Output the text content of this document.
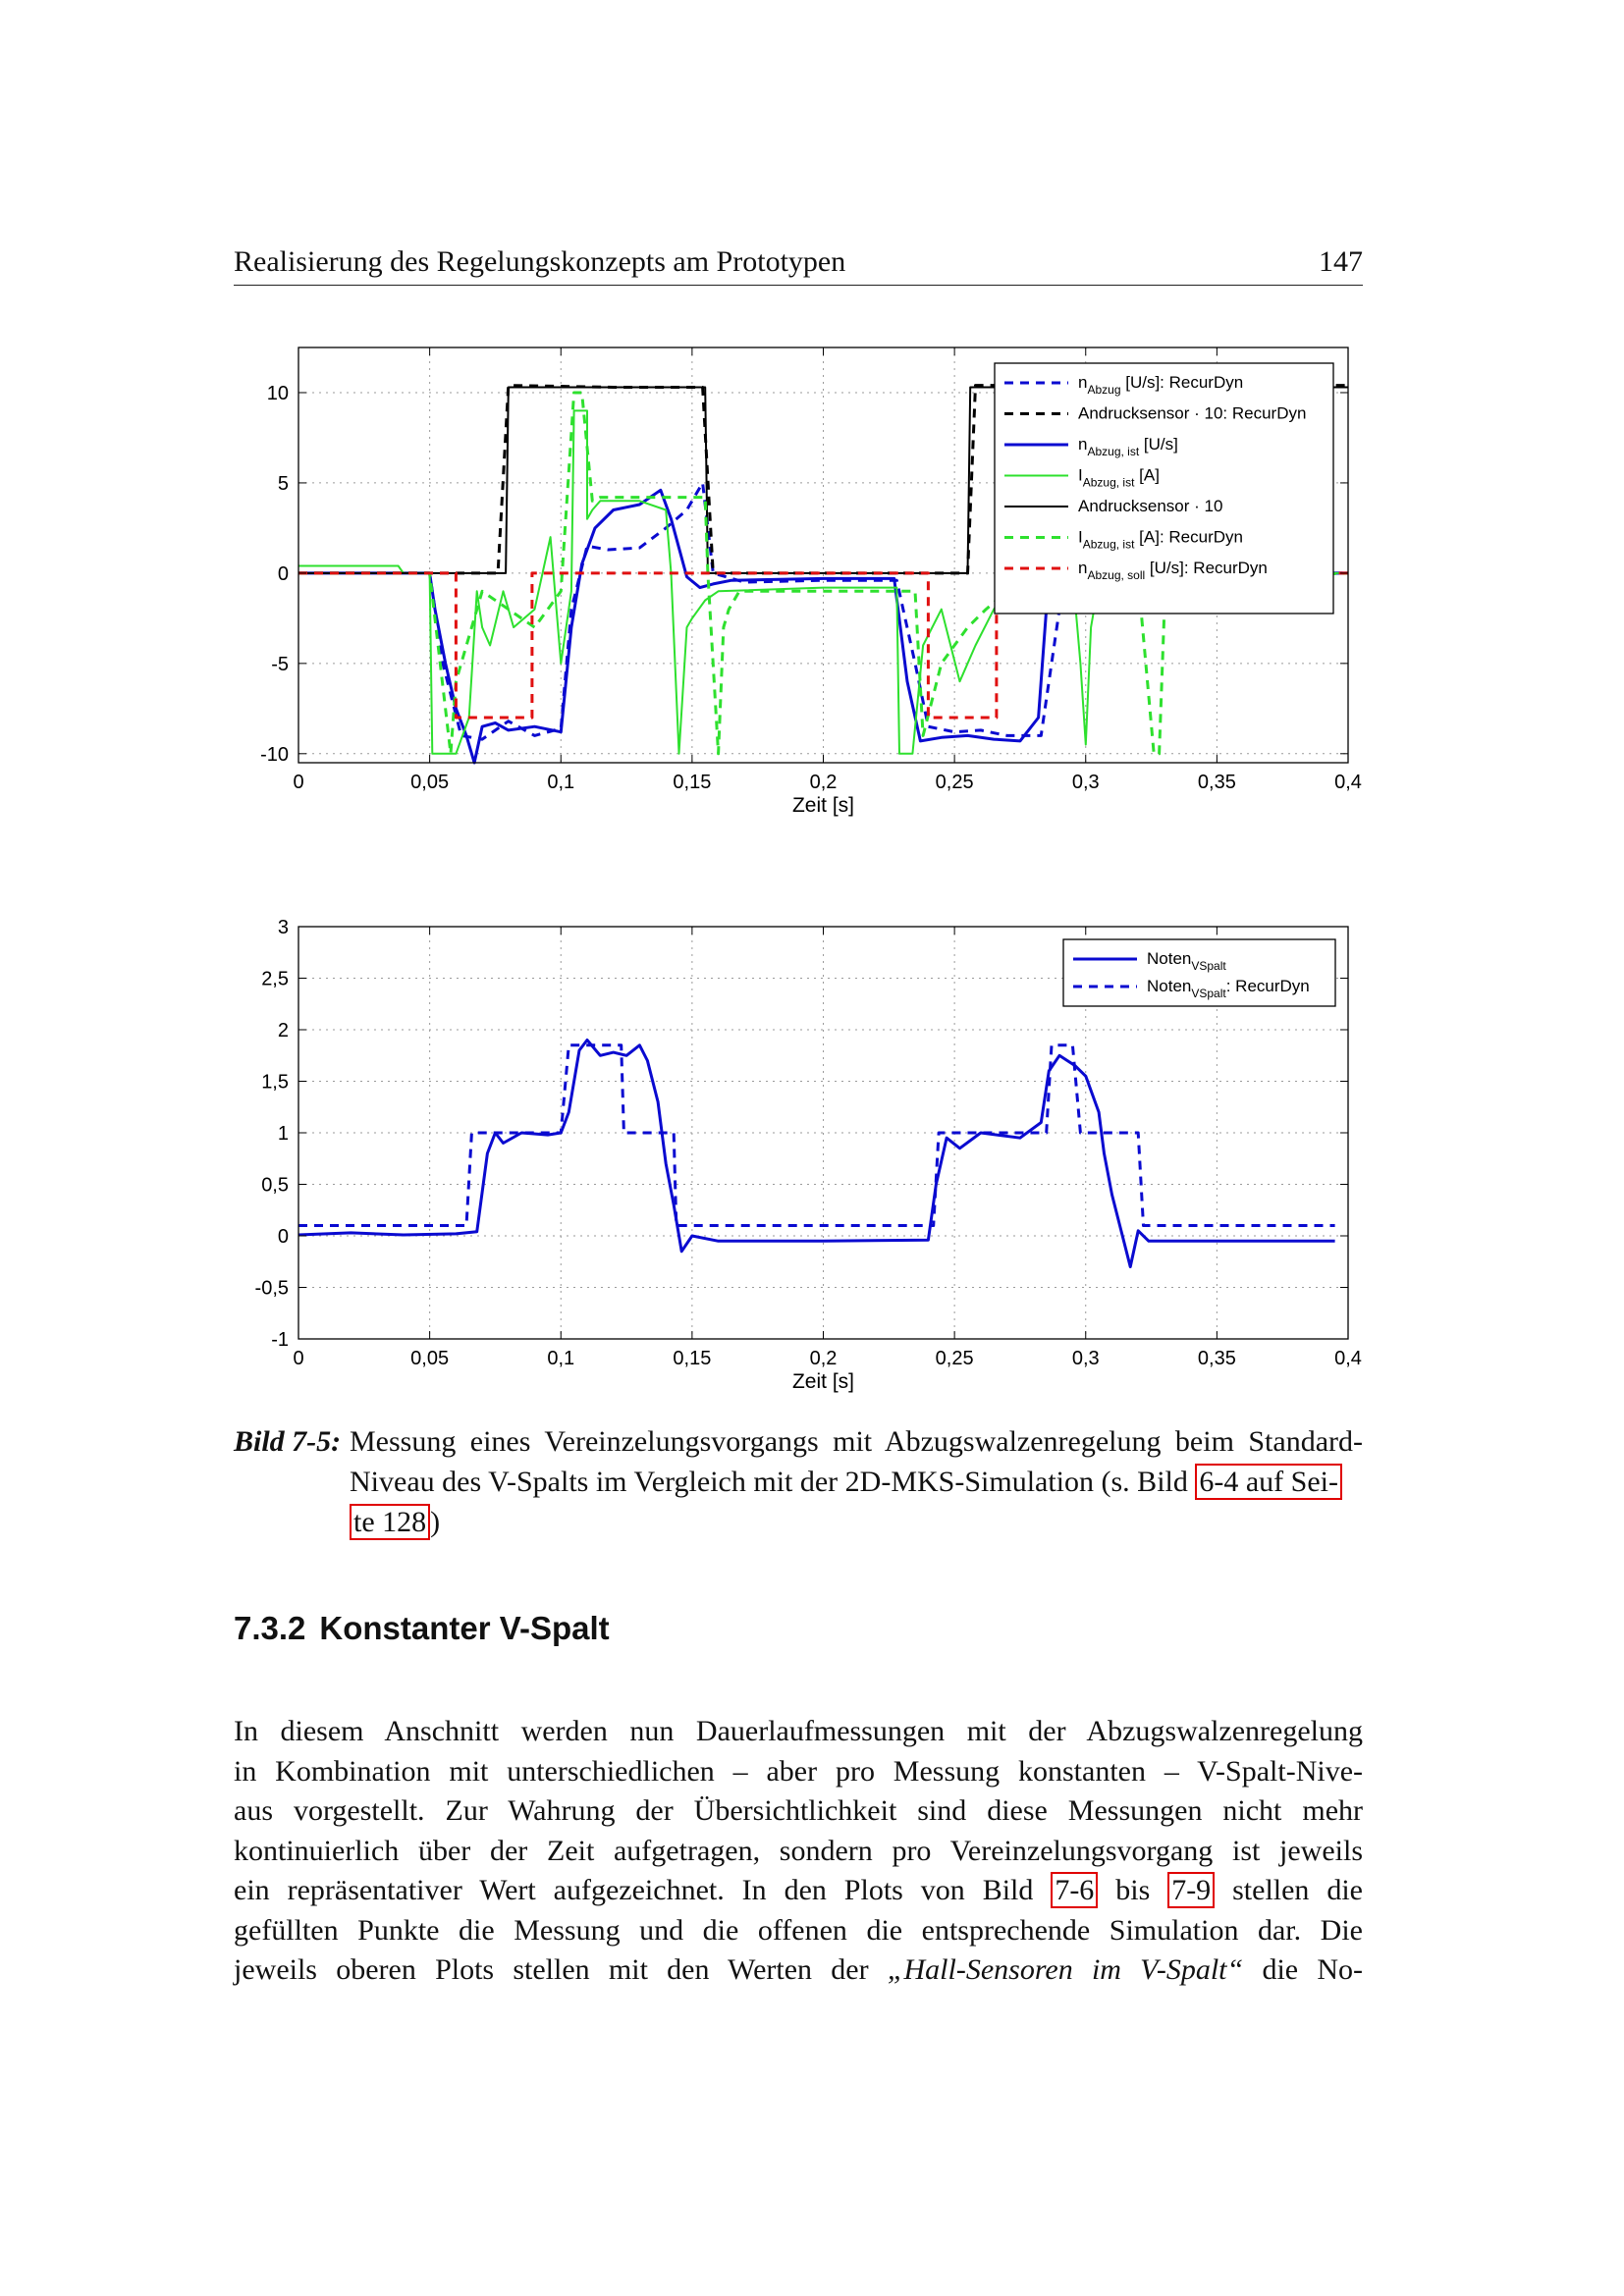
Realisierung des Regelungskonzepts am Prototypen	147
0	0,05	0,1	0,15	0,2	0,25	0,3	0,35	0,4
10
5
0
-5
-10
Zeit [s]
$n_{Abzug}$ [U/s]: RecurDyn
Andrucksensor · 10: RecurDyn
$n_{Abzug, ist}$ [U/s]
$I_{Abzug, ist}$ [A]
Andrucksensor · 10
$I_{Abzug, ist}$ [A]: RecurDyn
$n_{Abzug, soll}$ [U/s]: RecurDyn
0	0,05	0,1	0,15	0,2	0,25	0,3	0,35	0,4
3
2,5
2
1,5
1
0,5
0
-0,5
-1
Zeit [s]
Noten$_{VSpalt}$
Noten$_{VSpalt}$: RecurDyn
Bild 7-5: Messung eines Vereinzelungsvorgangs mit Abzugswalzenregelung beim Standard-Niveau des V-Spalts im Vergleich mit der 2D-MKS-Simulation (s. Bild 6-4 auf Sei-
te 128 )
7.3.2 Konstanter V-Spalt

In diesem Anschnitt werden nun Dauerlaufmessungen mit der Abzugswalzenregelung

in Kombination mit unterschiedlichen – aber pro Messung konstanten – V-Spalt-Nive-

aus vorgestellt. Zur Wahrung der Übersichtlichkeit sind diese Messungen nicht mehr

kontinuierlich über der Zeit aufgetragen, sondern pro Vereinzelungsvorgang ist jeweils

ein repräsentativer Wert aufgezeichnet. In den Plots von Bild 7-6 bis 7-9 stellen die

gefüllten Punkte die Messung und die offenen die entsprechende Simulation dar. Die

jeweils oberen Plots stellen mit den Werten der „Hall-Sensoren im V-Spalt“ die No-
